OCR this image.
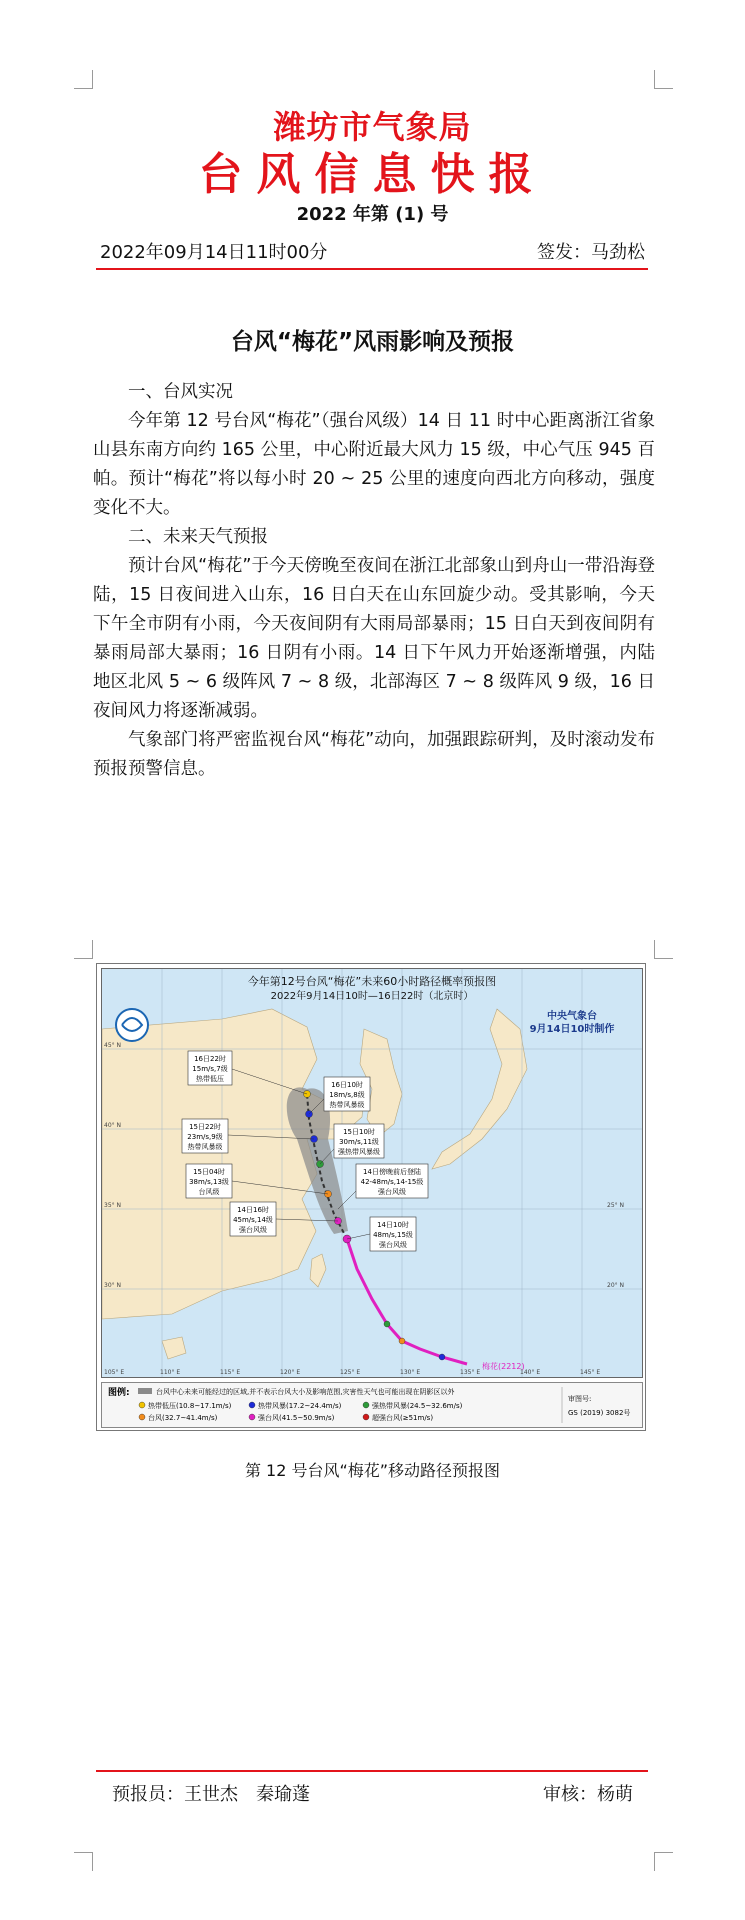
潍坊市气象局
台风信息快报
2022 年第 (1) 号
2022年09月14日11时00分	签发：马劲松
台风“梅花”风雨影响及预报
一、台风实况

今年第 12 号台风“梅花”（强台风级）14 日 11 时中心距离浙江省象山县东南方向约 165 公里，中心附近最大风力 15 级，中心气压 945 百帕。预计“梅花”将以每小时 20 ~ 25 公里的速度向西北方向移动，强度变化不大。

二、未来天气预报

预计台风“梅花”于今天傍晚至夜间在浙江北部象山到舟山一带沿海登陆，15 日夜间进入山东，16 日白天在山东回旋少动。受其影响，今天下午全市阴有小雨，今天夜间阴有大雨局部暴雨；15 日白天到夜间阴有暴雨局部大暴雨；16 日阴有小雨。14 日下午风力开始逐渐增强，内陆地区北风 5 ~ 6 级阵风 7 ~ 8 级，北部海区 7 ~ 8 级阵风 9 级，16 日夜间风力将逐渐减弱。

气象部门将严密监视台风“梅花”动向，加强跟踪研判，及时滚动发布预报预警信息。

今年第12号台风“梅花”未来60小时路径概率预报图
2022年9月14日10时—16日22时（北京时）
中央气象台
9月14日10时制作
16日22时
15m/s,7级
热带低压
16日10时
18m/s,8级
热带风暴级
15日22时
23m/s,9级
热带风暴级
15日10时
30m/s,11级
强热带风暴级
15日04时
38m/s,13级
台风级
14日傍晚前后登陆
42-48m/s,14-15级
强台风级
14日16时
45m/s,14级
强台风级
14日10时
48m/s,15级
强台风级
梅花(2212)
105° E	110° E	115° E	120° E	125° E	130° E	135° E	140° E	145° E
45° N
40° N
35° N
30° N
25° N
20° N
图例:	台风中心未来可能经过的区域,并不表示台风大小及影响范围,灾害性天气也可能出现在阴影区以外
热带低压(10.8~17.1m/s)	热带风暴(17.2~24.4m/s)	强热带风暴(24.5~32.6m/s)
台风(32.7~41.4m/s)	强台风(41.5~50.9m/s)	超强台风(≥51m/s)
审图号:
GS (2019) 3082号
第 12 号台风“梅花”移动路径预报图
预报员：王世杰　秦瑜蓬	审核：杨萌
